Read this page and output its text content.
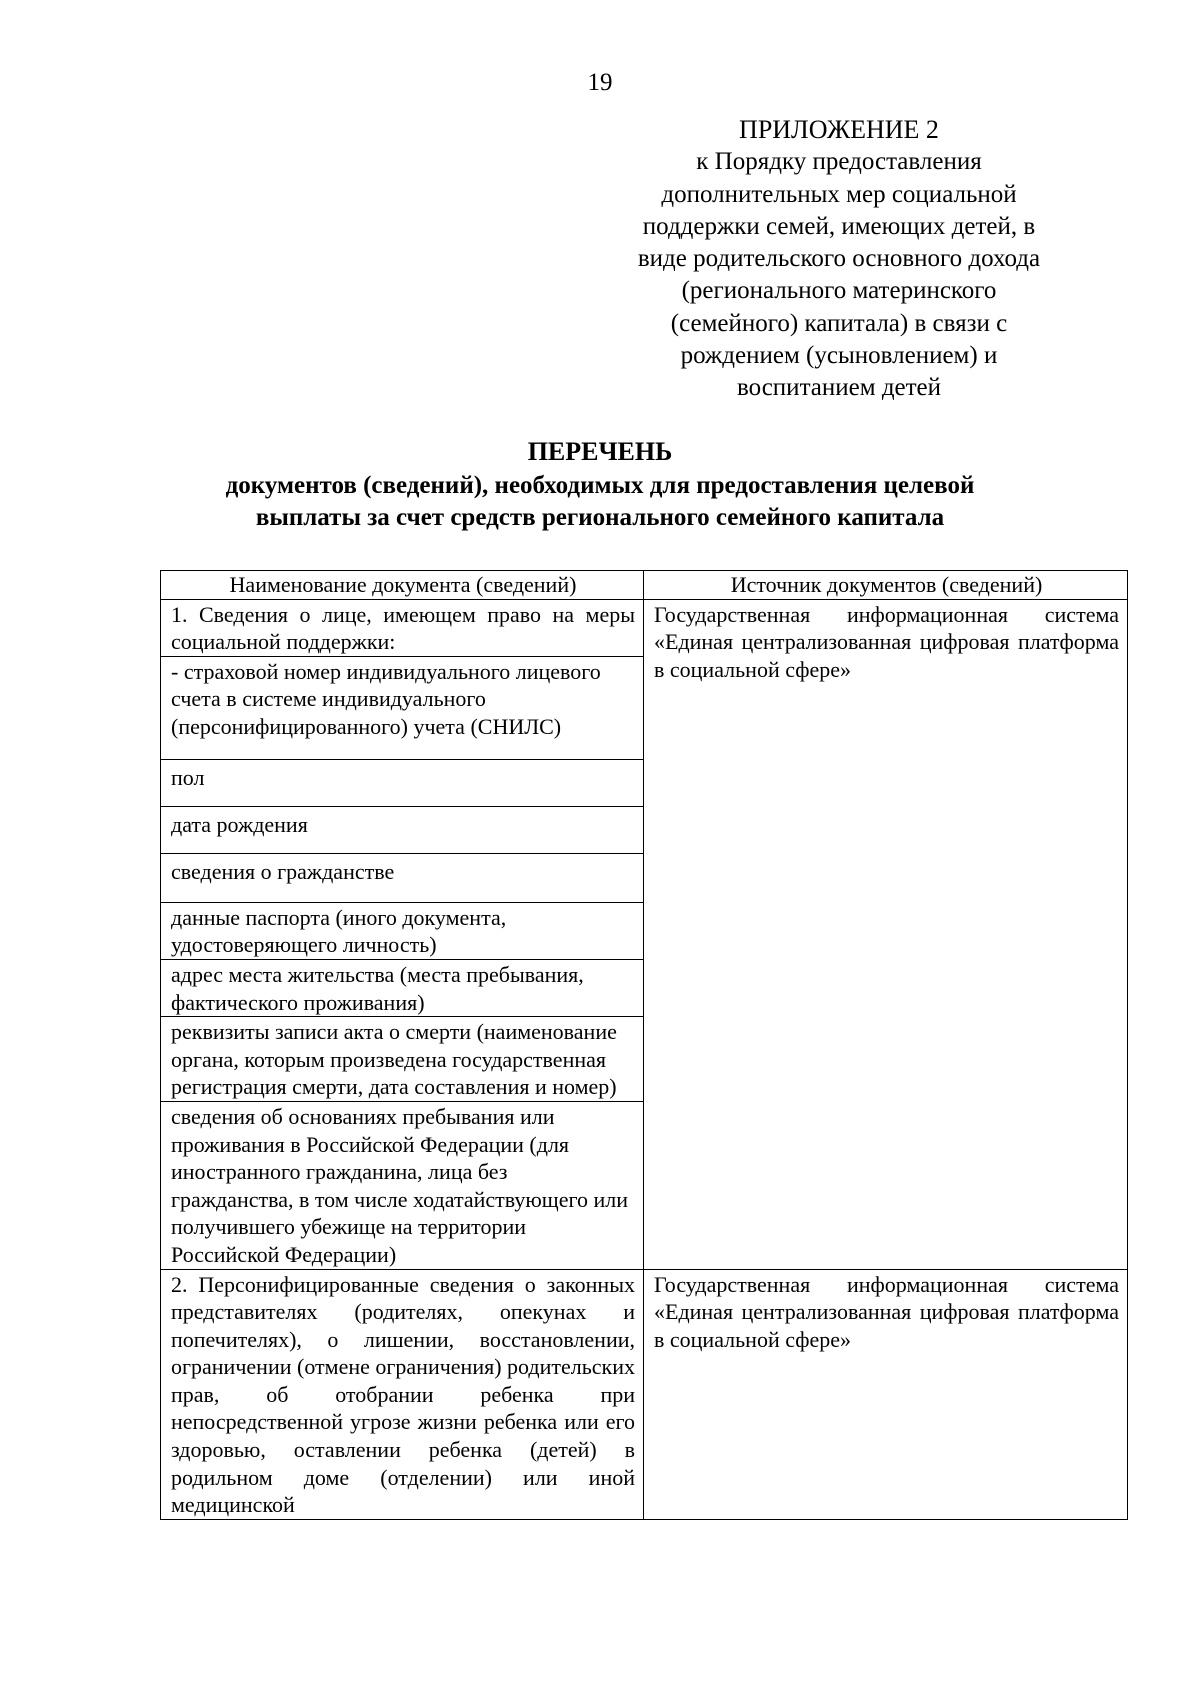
19
ПРИЛОЖЕНИЕ 2
к Порядку предоставления
дополнительных мер социальной
поддержки семей, имеющих детей, в
виде родительского основного дохода
(регионального материнского
(семейного) капитала) в связи с
рождением (усыновлением) и
воспитанием детей
ПЕРЕЧЕНЬ
документов (сведений), необходимых для предоставления целевой
выплаты за счет средств регионального семейного капитала
Наименование документа (сведений)	Источник документов (сведений)
1. Сведения о лице, имеющем право на меры социальной поддержки:	Государственная информационная система «Единая централизованная цифровая платформа в социальной сфере»

- страховой номер индивидуального лицевого счета в системе индивидуального (персонифицированного) учета (СНИЛС)	
пол	
дата рождения	
сведения о гражданстве	
данные паспорта (иного документа, удостоверяющего личность)	
адрес места жительства (места пребывания, фактического проживания)	
реквизиты записи акта о смерти (наименование органа, которым произведена государственная регистрация смерти, дата составления и номер)	
сведения об основаниях пребывания или проживания в Российской Федерации (для иностранного гражданина, лица без гражданства, в том числе ходатайствующего или получившего убежище на территории Российской Федерации)	
2. Персонифицированные сведения о законных представителях (родителях, опекунах и попечителях), о лишении, восстановлении, ограничении (отмене ограничения) родительских прав, об отобрании ребенка при непосредственной угрозе жизни ребенка или его здоровью, оставлении ребенка (детей) в родильном доме (отделении) или иной медицинской	Государственная информационная система «Единая централизованная цифровая платформа в социальной сфере»
